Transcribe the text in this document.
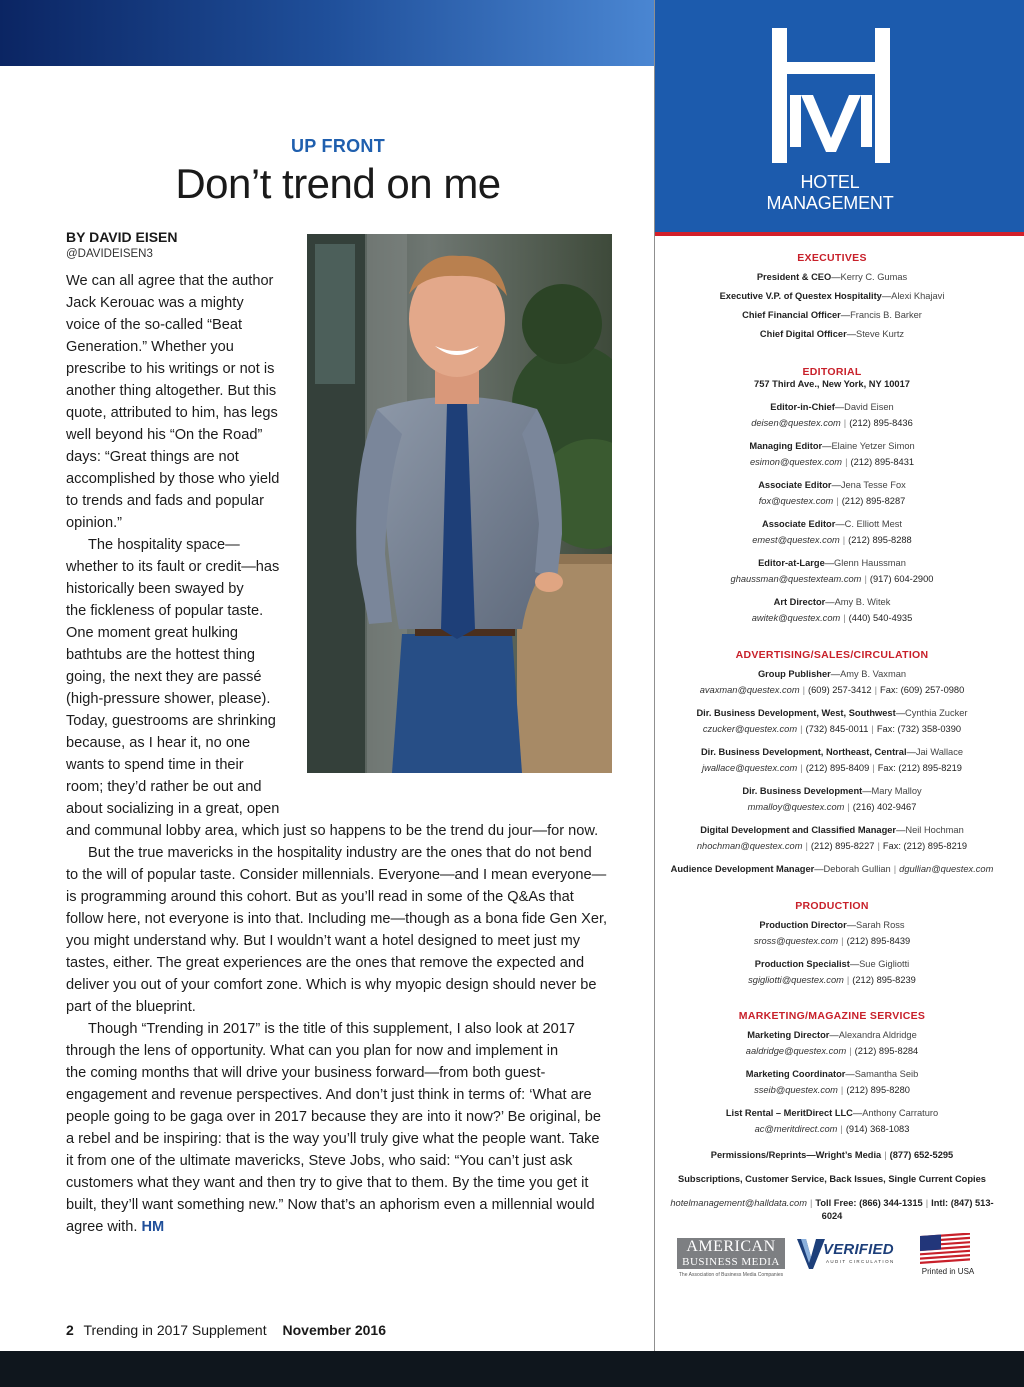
UP FRONT
Don’t trend on me
BY DAVID EISEN
@DAVIDEISEN3
We can all agree that the author
Jack Kerouac was a mighty
voice of the so-called “Beat
Generation.” Whether you
prescribe to his writings or not is
another thing altogether. But this
quote, attributed to him, has legs
well beyond his “On the Road”
days: “Great things are not
accomplished by those who yield
to trends and fads and popular
opinion.”
The hospitality space—
whether to its fault or credit—has
historically been swayed by
the fickleness of popular taste.
One moment great hulking
bathtubs are the hottest thing
going, the next they are passé
(high-pressure shower, please).
Today, guestrooms are shrinking
because, as I hear it, no one
wants to spend time in their
room; they’d rather be out and
about socializing in a great, open
and communal lobby area, which just so happens to be the trend du jour—for now.
But the true mavericks in the hospitality industry are the ones that do not bend
to the will of popular taste. Consider millennials. Everyone—and I mean everyone—
is programming around this cohort. But as you’ll read in some of the Q&As that
follow here, not everyone is into that. Including me—though as a bona fide Gen Xer,
you might understand why. But I wouldn’t want a hotel designed to meet just my
tastes, either. The great experiences are the ones that remove the expected and
deliver you out of your comfort zone. Which is why myopic design should never be
part of the blueprint.
Though “Trending in 2017” is the title of this supplement, I also look at 2017
through the lens of opportunity. What can you plan for now and implement in
the coming months that will drive your business forward—from both guest-
engagement and revenue perspectives. And don’t just think in terms of: ‘What are
people going to be gaga over in 2017 because they are into it now?’ Be original, be
a rebel and be inspiring: that is the way you’ll truly give what the people want. Take
it from one of the ultimate mavericks, Steve Jobs, who said: “You can’t just ask
customers what they want and then try to give that to them. By the time you get it
built, they’ll want something new.” Now that’s an aphorism even a millennial would
agree with. HM
2 Trending in 2017 Supplement November 2016
HOTEL
MANAGEMENT
EXECUTIVES
President & CEO—Kerry C. Gumas
Executive V.P. of Questex Hospitality—Alexi Khajavi
Chief Financial Officer—Francis B. Barker
Chief Digital Officer—Steve Kurtz
EDITORIAL
757 Third Ave., New York, NY 10017
Editor-in-Chief—David Eisen
deisen@questex.com | (212) 895-8436
Managing Editor—Elaine Yetzer Simon
esimon@questex.com | (212) 895-8431
Associate Editor—Jena Tesse Fox
fox@questex.com | (212) 895-8287
Associate Editor—C. Elliott Mest
emest@questex.com | (212) 895-8288
Editor-at-Large—Glenn Haussman
ghaussman@questexteam.com | (917) 604-2900
Art Director—Amy B. Witek
awitek@questex.com | (440) 540-4935
ADVERTISING/SALES/CIRCULATION
Group Publisher—Amy B. Vaxman
avaxman@questex.com | (609) 257-3412 | Fax: (609) 257-0980
Dir. Business Development, West, Southwest—Cynthia Zucker
czucker@questex.com | (732) 845-0011 | Fax: (732) 358-0390
Dir. Business Development, Northeast, Central—Jai Wallace
jwallace@questex.com | (212) 895-8409 | Fax: (212) 895-8219
Dir. Business Development—Mary Malloy
mmalloy@questex.com | (216) 402-9467
Digital Development and Classified Manager—Neil Hochman
nhochman@questex.com | (212) 895-8227 | Fax: (212) 895-8219
Audience Development Manager—Deborah Gullian | dgullian@questex.com
PRODUCTION
Production Director—Sarah Ross
sross@questex.com | (212) 895-8439
Production Specialist—Sue Gigliotti
sgigliotti@questex.com | (212) 895-8239
MARKETING/MAGAZINE SERVICES
Marketing Director—Alexandra Aldridge
aaldridge@questex.com | (212) 895-8284
Marketing Coordinator—Samantha Seib
sseib@questex.com | (212) 895-8280
List Rental – MeritDirect LLC—Anthony Carraturo
ac@meritdirect.com | (914) 368-1083
Permissions/Reprints—Wright’s Media | (877) 652-5295
Subscriptions, Customer Service, Back Issues, Single Current Copies
hotelmanagement@halldata.com | Toll Free: (866) 344-1315 | Intl: (847) 513-6024
AMERICAN
BUSINESS MEDIA
The Association of Business Media Companies
VERIFIED
AUDIT CIRCULATION
Printed in USA
